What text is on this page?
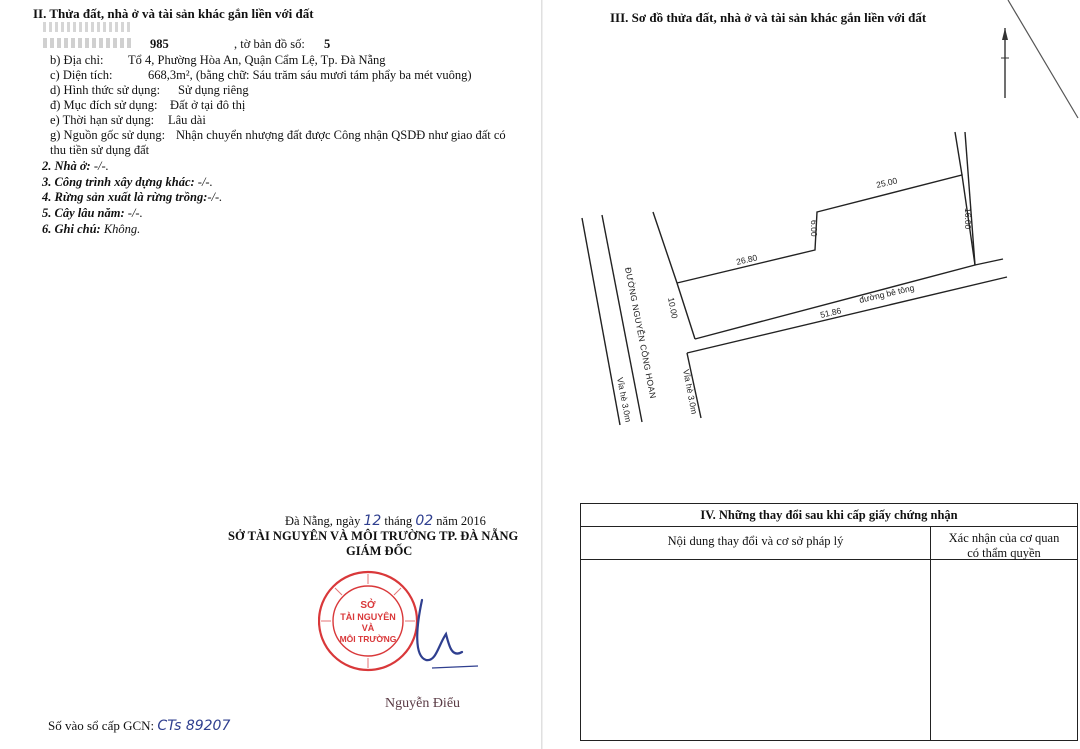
II. Thửa đất, nhà ở và tài sản khác gắn liền với đất
985	, tờ bản đồ số: 5
b) Địa chỉ: Tổ 4, Phường Hòa An, Quận Cẩm Lệ, Tp. Đà Nẵng
c) Diện tích:	668,3m², (bằng chữ: Sáu trăm sáu mươi tám phẩy ba mét vuông)
d) Hình thức sử dụng: Sử dụng riêng
đ) Mục đích sử dụng: Đất ở tại đô thị
e) Thời hạn sử dụng: Lâu dài
g) Nguồn gốc sử dụng: Nhận chuyển nhượng đất được Công nhận QSDĐ như giao đất có
thu tiền sử dụng đất
2. Nhà ở: -/-.
3. Công trình xây dựng khác: -/-.
4. Rừng sản xuất là rừng trồng:-/-.
5. Cây lâu năm: -/-.
6. Ghi chú: Không.
Đà Nẵng, ngày 12 tháng 02 năm 2016
SỞ TÀI NGUYÊN VÀ MÔI TRƯỜNG TP. ĐÀ NẴNG
GIÁM ĐỐC
SỞ
TÀI NGUYÊN
VÀ
MÔI TRƯỜNG
Nguyễn Điểu
Số vào sổ cấp GCN: CTs 89207
III. Sơ đồ thửa đất, nhà ở và tài sản khác gắn liền với đất
ĐƯỜNG NGUYỄN CÔNG HOAN
Vỉa hè 3.0m	Vỉa hè 3.0m
đường bê tông
25.00
26.80
6.00	16.00
10.00	51.86
IV. Những thay đổi sau khi cấp giấy chứng nhận
Nội dung thay đổi và cơ sở pháp lý	Xác nhận của cơ quan
có thẩm quyền
